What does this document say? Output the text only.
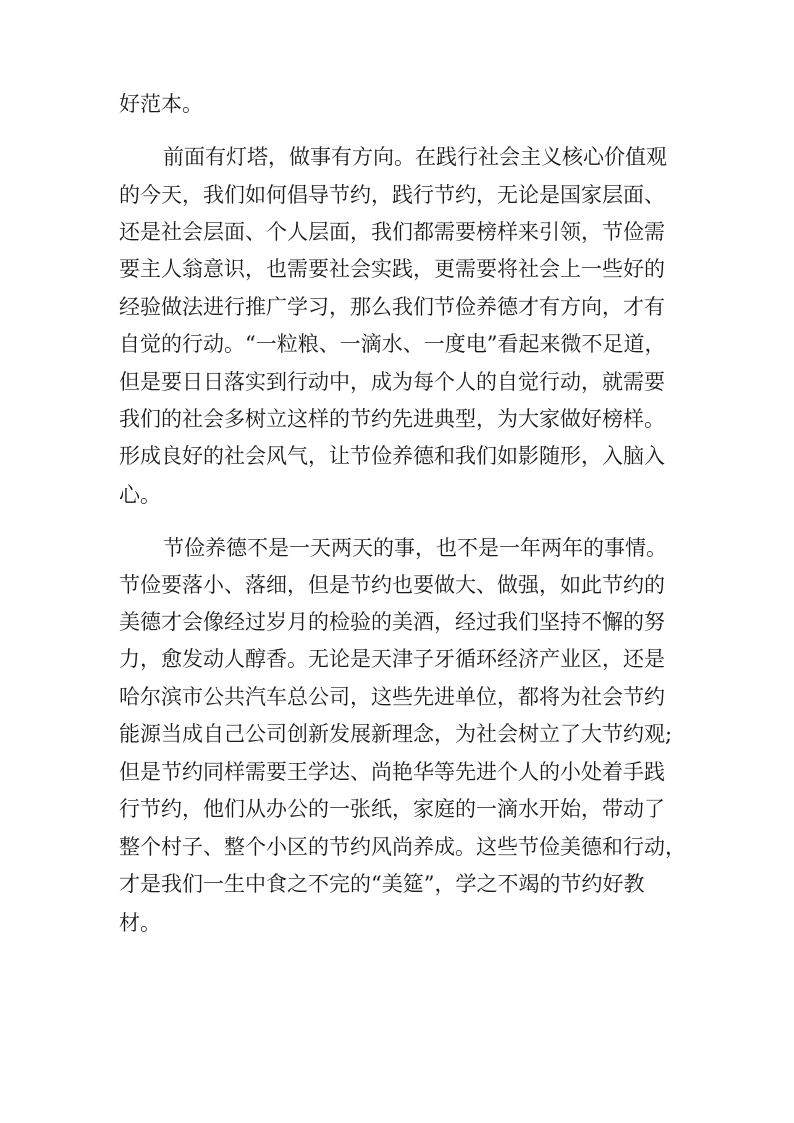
好范本。

前面有灯塔，做事有方向。在践行社会主义核心价值观

的今天，我们如何倡导节约，践行节约，无论是国家层面、

还是社会层面、个人层面，我们都需要榜样来引领，节俭需

要主人翁意识，也需要社会实践，更需要将社会上一些好的

经验做法进行推广学习，那么我们节俭养德才有方向，才有

自觉的行动。“一粒粮、一滴水、一度电”看起来微不足道，

但是要日日落实到行动中，成为每个人的自觉行动，就需要

我们的社会多树立这样的节约先进典型，为大家做好榜样。

形成良好的社会风气，让节俭养德和我们如影随形，入脑入

心。

节俭养德不是一天两天的事，也不是一年两年的事情。

节俭要落小、落细，但是节约也要做大、做强，如此节约的

美德才会像经过岁月的检验的美酒，经过我们坚持不懈的努

力，愈发动人醇香。无论是天津子牙循环经济产业区，还是

哈尔滨市公共汽车总公司，这些先进单位，都将为社会节约

能源当成自己公司创新发展新理念，为社会树立了大节约观;

但是节约同样需要王学达、尚艳华等先进个人的小处着手践

行节约，他们从办公的一张纸，家庭的一滴水开始，带动了

整个村子、整个小区的节约风尚养成。这些节俭美德和行动，

才是我们一生中食之不完的“美筵”，学之不竭的节约好教

材。
